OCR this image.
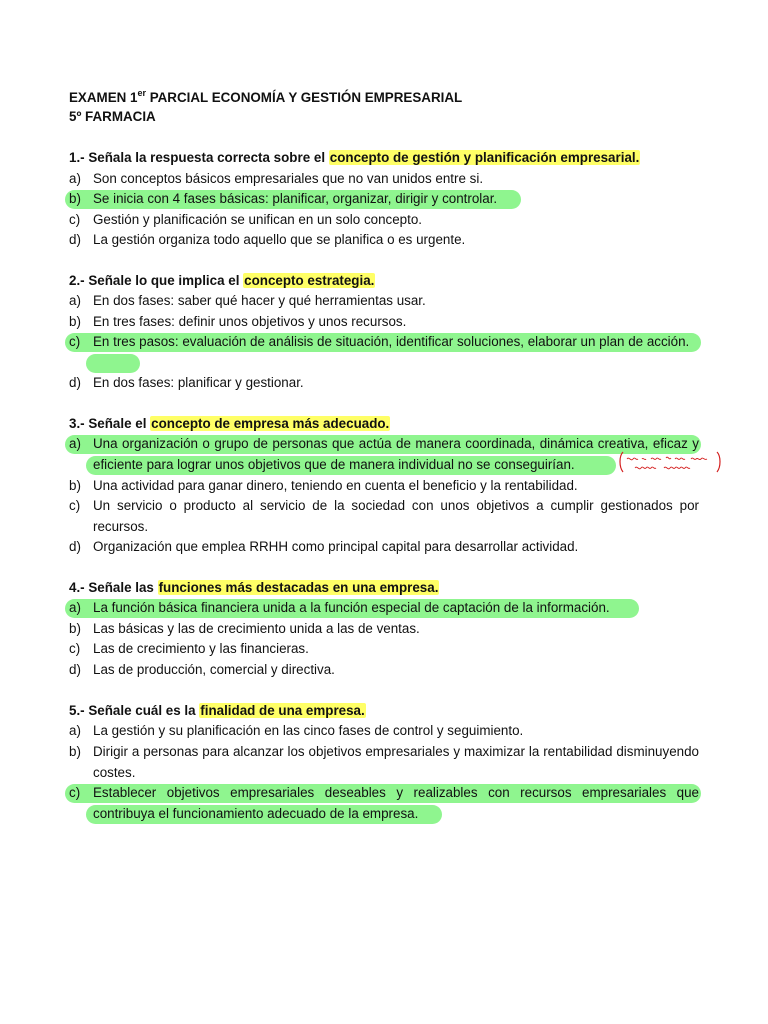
EXAMEN 1er PARCIAL ECONOMÍA Y GESTIÓN EMPRESARIAL
5º FARMACIA
1.- Señala la respuesta correcta sobre el concepto de gestión y planificación empresarial.
a) Son conceptos básicos empresariales que no van unidos entre si.
b) Se inicia con 4 fases básicas: planificar, organizar, dirigir y controlar.
c) Gestión y planificación se unifican en un solo concepto.
d) La gestión organiza todo aquello que se planifica o es urgente.
2.- Señale lo que implica el concepto estrategia.
a) En dos fases: saber qué hacer y qué herramientas usar.
b) En tres fases: definir unos objetivos y unos recursos.
c) En tres pasos: evaluación de análisis de situación, identificar soluciones, elaborar un plan de acción.
d) En dos fases: planificar y gestionar.
3.- Señale el concepto de empresa más adecuado.
a) Una organización o grupo de personas que actúa de manera coordinada, dinámica creativa, eficaz y eficiente para lograr unos objetivos que de manera individual no se conseguirían.
b) Una actividad para ganar dinero, teniendo en cuenta el beneficio y la rentabilidad.
c) Un servicio o producto al servicio de la sociedad con unos objetivos a cumplir gestionados por recursos.
d) Organización que emplea RRHH como principal capital para desarrollar actividad.
4.- Señale las funciones más destacadas en una empresa.
a) La función básica financiera unida a la función especial de captación de la información.
b) Las básicas y las de crecimiento unida a las de ventas.
c) Las de crecimiento y las financieras.
d) Las de producción, comercial y directiva.
5.- Señale cuál es la finalidad de una empresa.
a) La gestión y su planificación en las cinco fases de control y seguimiento.
b) Dirigir a personas para alcanzar los objetivos empresariales y maximizar la rentabilidad disminuyendo costes.
c) Establecer objetivos empresariales deseables y realizables con recursos empresariales que contribuya el funcionamiento adecuado de la empresa.
